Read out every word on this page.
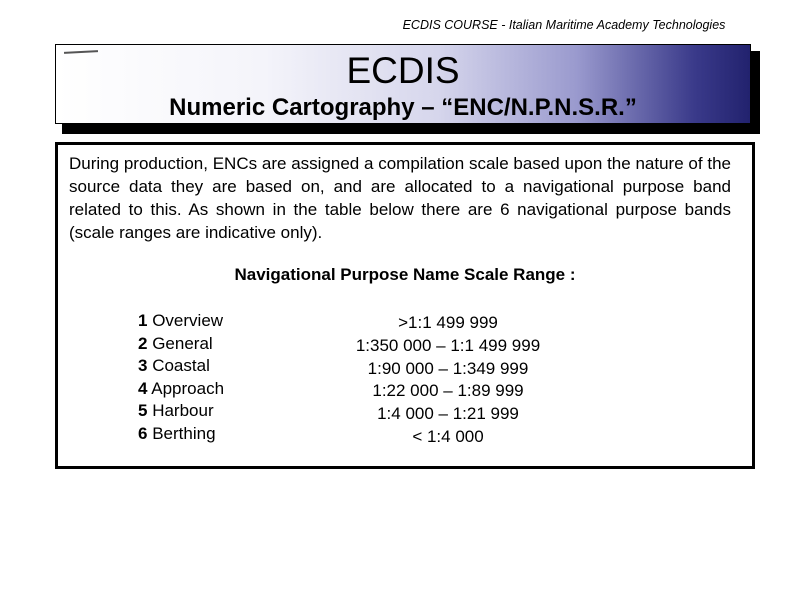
ECDIS COURSE - Italian Maritime Academy Technologies
ECDIS
Numeric Cartography – “ENC/N.P.N.S.R.”
During production, ENCs are assigned a compilation scale based upon the nature of the source data they are based on, and are allocated to a navigational purpose band related to this. As shown in the table below there are 6 navigational purpose bands (scale ranges are indicative only).
Navigational Purpose Name Scale Range :
1 Overview
2 General
3 Coastal
4 Approach
5 Harbour
6 Berthing
>1:1 499 999
1:350 000 – 1:1 499 999
1:90 000 – 1:349 999
1:22 000 – 1:89 999
1:4 000 – 1:21 999
< 1:4 000
